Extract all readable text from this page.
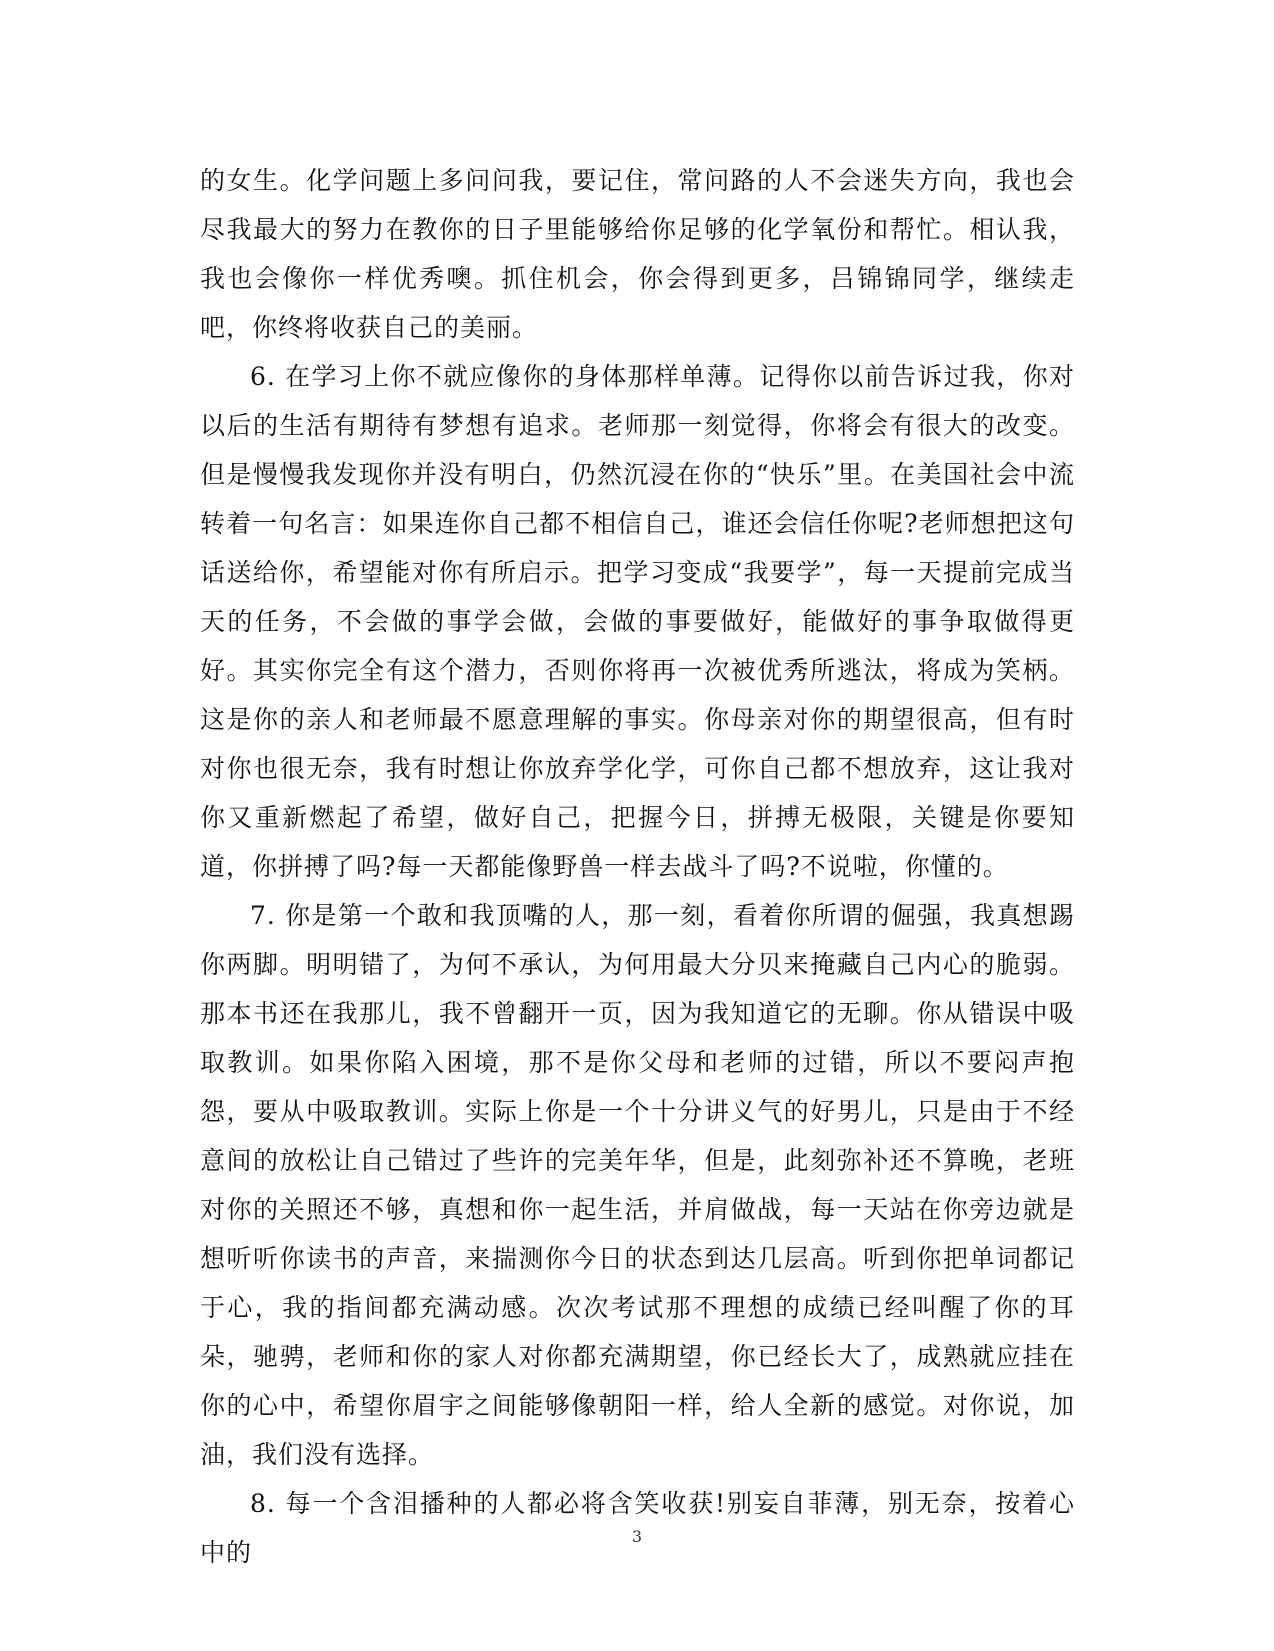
的女生。化学问题上多问问我，要记住，常问路的人不会迷失方向，我也会尽我最大的努力在教你的日子里能够给你足够的化学氧份和帮忙。相认我，我也会像你一样优秀噢。抓住机会，你会得到更多，吕锦锦同学，继续走吧，你终将收获自己的美丽。

6. 在学习上你不就应像你的身体那样单薄。记得你以前告诉过我，你对以后的生活有期待有梦想有追求。老师那一刻觉得，你将会有很大的改变。但是慢慢我发现你并没有明白，仍然沉浸在你的“快乐”里。在美国社会中流转着一句名言：如果连你自己都不相信自己，谁还会信任你呢?老师想把这句话送给你，希望能对你有所启示。把学习变成“我要学”，每一天提前完成当天的任务，不会做的事学会做，会做的事要做好，能做好的事争取做得更好。其实你完全有这个潜力，否则你将再一次被优秀所逃汰，将成为笑柄。这是你的亲人和老师最不愿意理解的事实。你母亲对你的期望很高，但有时对你也很无奈，我有时想让你放弃学化学，可你自己都不想放弃，这让我对你又重新燃起了希望，做好自己，把握今日，拼搏无极限，关键是你要知道，你拼搏了吗?每一天都能像野兽一样去战斗了吗?不说啦，你懂的。

7. 你是第一个敢和我顶嘴的人，那一刻，看着你所谓的倔强，我真想踢你两脚。明明错了，为何不承认，为何用最大分贝来掩藏自己内心的脆弱。那本书还在我那儿，我不曾翻开一页，因为我知道它的无聊。你从错误中吸取教训。如果你陷入困境，那不是你父母和老师的过错，所以不要闷声抱怨，要从中吸取教训。实际上你是一个十分讲义气的好男儿，只是由于不经意间的放松让自己错过了些许的完美年华，但是，此刻弥补还不算晚，老班对你的关照还不够，真想和你一起生活，并肩做战，每一天站在你旁边就是想听听你读书的声音，来揣测你今日的状态到达几层高。听到你把单词都记于心，我的指间都充满动感。次次考试那不理想的成绩已经叫醒了你的耳朵，驰骋，老师和你的家人对你都充满期望，你已经长大了，成熟就应挂在你的心中，希望你眉宇之间能够像朝阳一样，给人全新的感觉。对你说，加油，我们没有选择。

8. 每一个含泪播种的人都必将含笑收获!别妄自菲薄，别无奈，按着心中的

3
